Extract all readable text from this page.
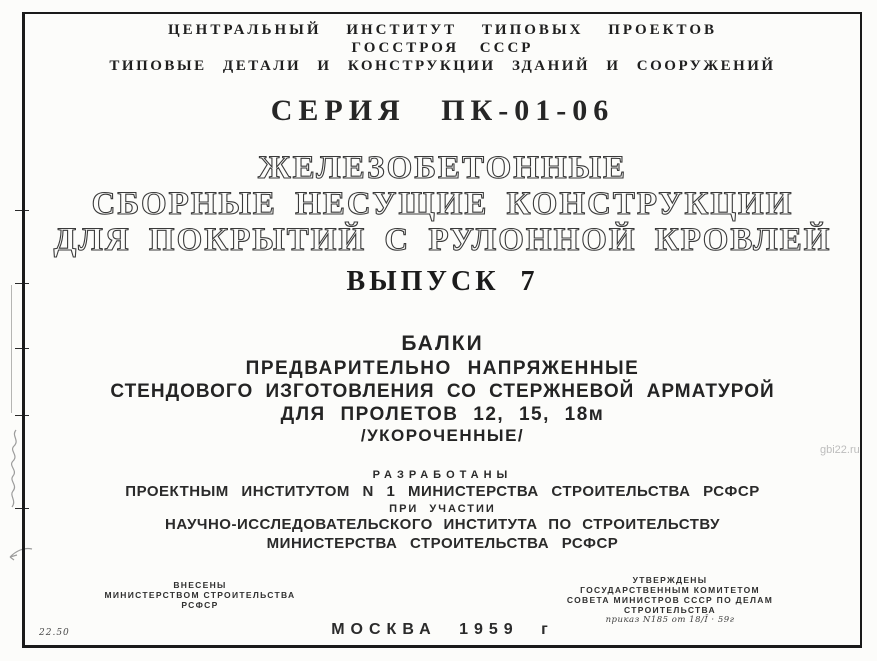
gbi22.ru
ЦЕНТРАЛЬНЫЙ ИНСТИТУТ ТИПОВЫХ ПРОЕКТОВ
ГОССТРОЯ СССР
ТИПОВЫЕ ДЕТАЛИ И КОНСТРУКЦИИ ЗДАНИЙ И СООРУЖЕНИЙ
СЕРИЯ ПК-01-06
ЖЕЛЕЗОБЕТОННЫЕ
СБОРНЫЕ НЕСУЩИЕ КОНСТРУКЦИИ
ДЛЯ ПОКРЫТИЙ С РУЛОННОЙ КРОВЛЕЙ
ВЫПУСК 7
БАЛКИ
ПРЕДВАРИТЕЛЬНО НАПРЯЖЕННЫЕ
СТЕНДОВОГО ИЗГОТОВЛЕНИЯ СО СТЕРЖНЕВОЙ АРМАТУРОЙ
ДЛЯ ПРОЛЕТОВ 12, 15, 18м
/УКОРОЧЕННЫЕ/
РАЗРАБОТАНЫ
ПРОЕКТНЫМ ИНСТИТУТОМ N 1 МИНИСТЕРСТВА СТРОИТЕЛЬСТВА РСФСР
ПРИ УЧАСТИИ
НАУЧНО-ИССЛЕДОВАТЕЛЬСКОГО ИНСТИТУТА ПО СТРОИТЕЛЬСТВУ
МИНИСТЕРСТВА СТРОИТЕЛЬСТВА РСФСР
ВНЕСЕНЫ
МИНИСТЕРСТВОМ СТРОИТЕЛЬСТВА
РСФСР
УТВЕРЖДЕНЫ
ГОСУДАРСТВЕННЫМ КОМИТЕТОМ
СОВЕТА МИНИСТРОВ СССР ПО ДЕЛАМ СТРОИТЕЛЬСТВА
приказ N185 от 18/Ī · 59г
МОСКВА 1959 г
22.50
